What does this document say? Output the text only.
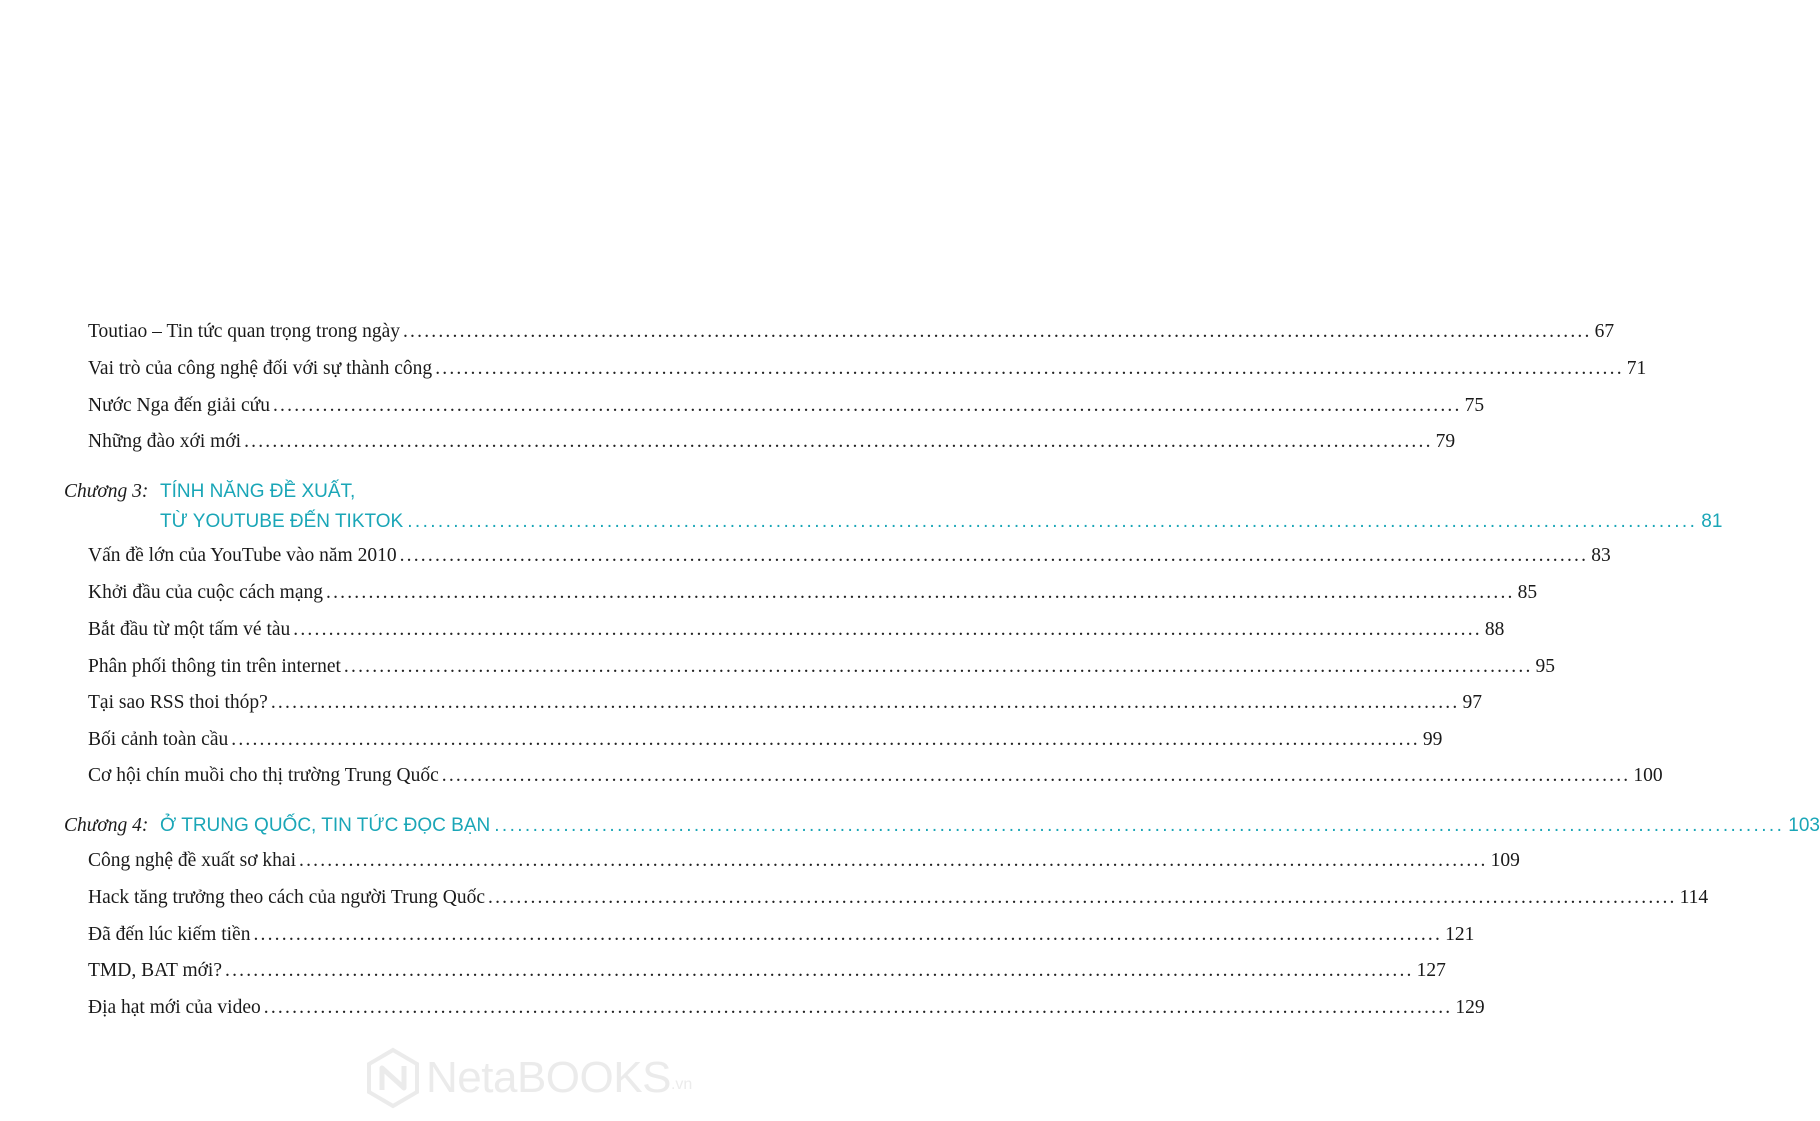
Toutiao – Tin tức quan trọng trong ngày ........................................................................................................................................................................ 67
Vai trò của công nghệ đối với sự thành công ........................................................................................................................................................................ 71
Nước Nga đến giải cứu ........................................................................................................................................................................ 75
Những đào xới mới ........................................................................................................................................................................ 79
Chương 3: TÍNH NĂNG ĐỀ XUẤT,
TỪ YOUTUBE ĐẾN TIKTOK ........................................................................................................................................................................ 81
Vấn đề lớn của YouTube vào năm 2010 ........................................................................................................................................................................ 83
Khởi đầu của cuộc cách mạng ........................................................................................................................................................................ 85
Bắt đầu từ một tấm vé tàu ........................................................................................................................................................................ 88
Phân phối thông tin trên internet ........................................................................................................................................................................ 95
Tại sao RSS thoi thóp? ........................................................................................................................................................................ 97
Bối cảnh toàn cầu ........................................................................................................................................................................ 99
Cơ hội chín muồi cho thị trường Trung Quốc ........................................................................................................................................................................ 100
Chương 4: Ở TRUNG QUỐC, TIN TỨC ĐỌC BẠN ........................................................................................................................................................................ 103
Công nghệ đề xuất sơ khai ........................................................................................................................................................................ 109
Hack tăng trưởng theo cách của người Trung Quốc ........................................................................................................................................................................ 114
Đã đến lúc kiếm tiền ........................................................................................................................................................................ 121
TMD, BAT mới? ........................................................................................................................................................................ 127
Địa hạt mới của video ........................................................................................................................................................................ 129
NetaBOOKS .vn
